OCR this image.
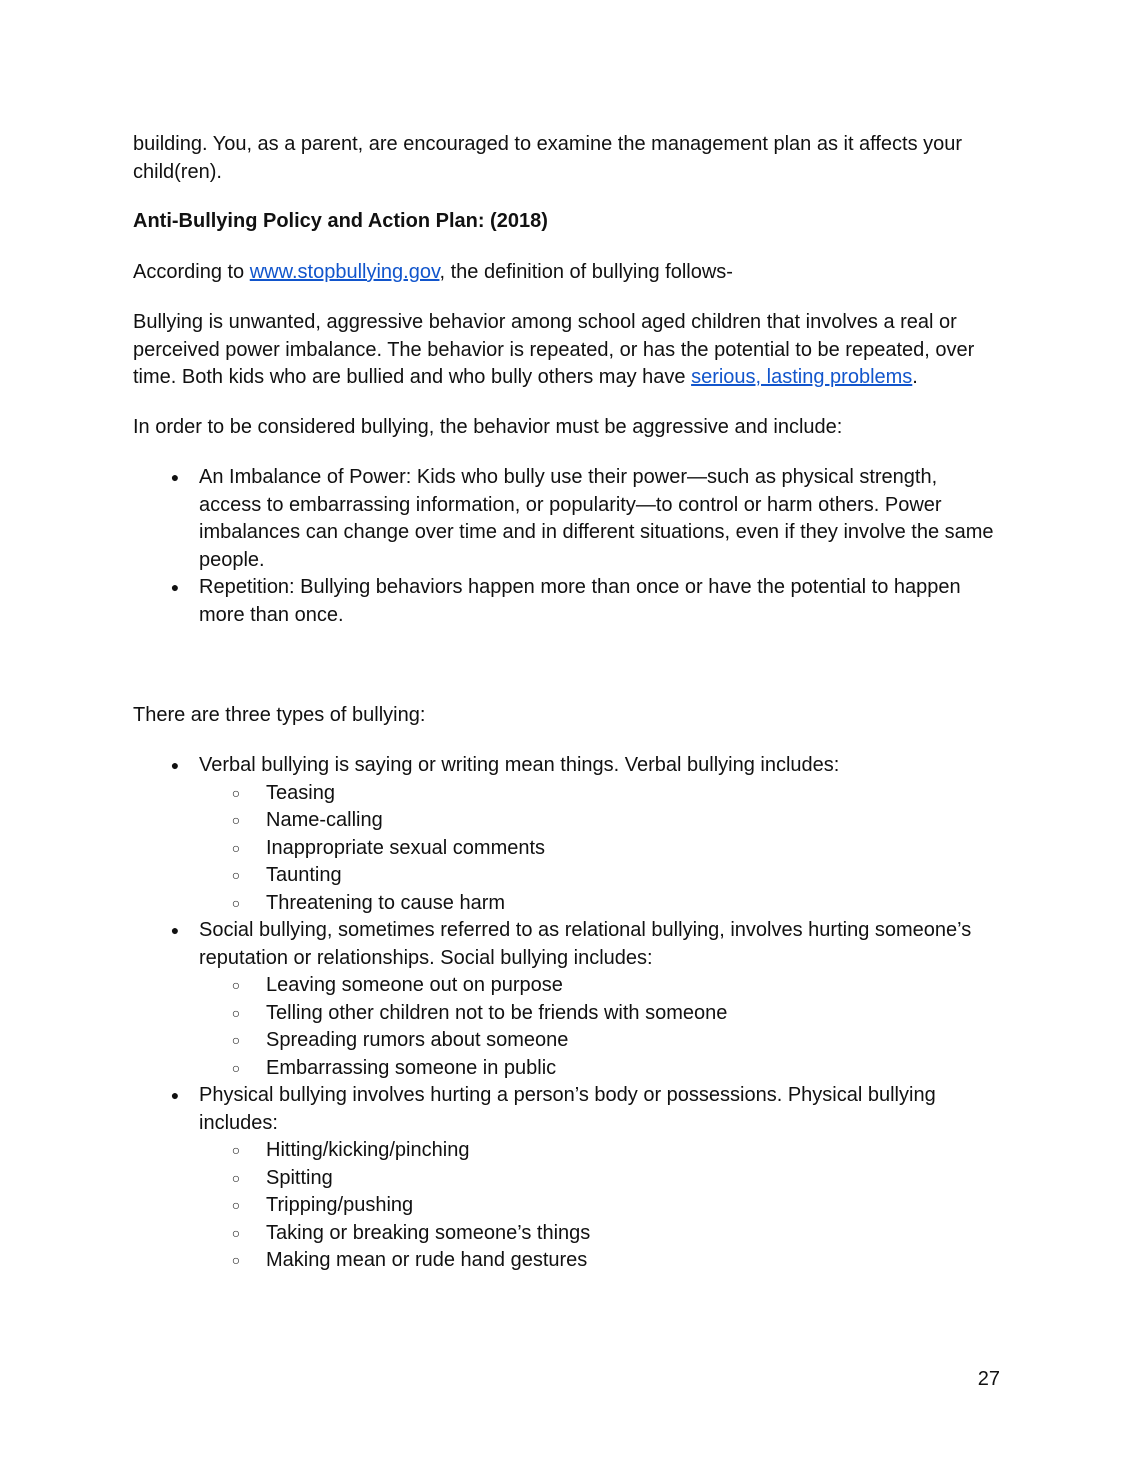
building. You, as a parent, are encouraged to examine the management plan as it affects your child(ren).

Anti-Bullying Policy and Action Plan: (2018)

According to www.stopbullying.gov, the definition of bullying follows-

Bullying is unwanted, aggressive behavior among school aged children that involves a real or perceived power imbalance. The behavior is repeated, or has the potential to be repeated, over time. Both kids who are bullied and who bully others may have serious, lasting problems.

In order to be considered bullying, the behavior must be aggressive and include:

● An Imbalance of Power: Kids who bully use their power—such as physical strength, access to embarrassing information, or popularity—to control or harm others. Power imbalances can change over time and in different situations, even if they involve the same people.
● Repetition: Bullying behaviors happen more than once or have the potential to happen more than once.

There are three types of bullying:

● Verbal bullying is saying or writing mean things. Verbal bullying includes:
○ Teasing
○ Name-calling
○ Inappropriate sexual comments
○ Taunting
○ Threatening to cause harm
● Social bullying, sometimes referred to as relational bullying, involves hurting someone’s reputation or relationships. Social bullying includes:
○ Leaving someone out on purpose
○ Telling other children not to be friends with someone
○ Spreading rumors about someone
○ Embarrassing someone in public
● Physical bullying involves hurting a person’s body or possessions. Physical bullying includes:
○ Hitting/kicking/pinching
○ Spitting
○ Tripping/pushing
○ Taking or breaking someone’s things
○ Making mean or rude hand gestures
27
